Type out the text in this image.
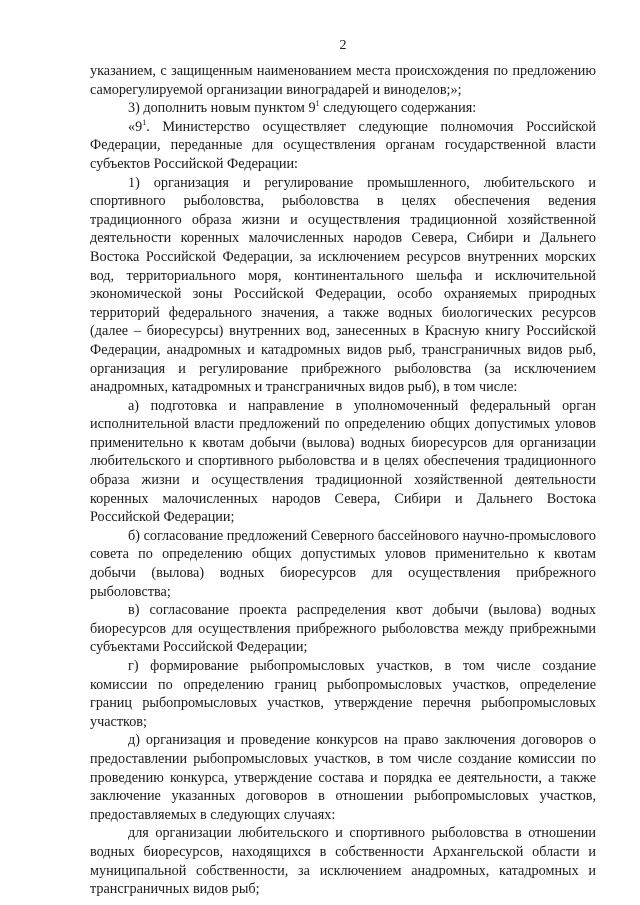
2

указанием, с защищенным наименованием места происхождения по предложению саморегулируемой организации виноградарей и виноделов;»;

3) дополнить новым пунктом $9^1$ следующего содержания:

«$9^1$. Министерство осуществляет следующие полномочия Российской Федерации, переданные для осуществления органам государственной власти субъектов Российской Федерации:

1) организация и регулирование промышленного, любительского и спортивного рыболовства, рыболовства в целях обеспечения ведения традиционного образа жизни и осуществления традиционной хозяйственной деятельности коренных малочисленных народов Севера, Сибири и Дальнего Востока Российской Федерации, за исключением ресурсов внутренних морских вод, территориального моря, континентального шельфа и исключительной экономической зоны Российской Федерации, особо охраняемых природных территорий федерального значения, а также водных биологических ресурсов (далее – биоресурсы) внутренних вод, занесенных в Красную книгу Российской Федерации, анадромных и катадромных видов рыб, трансграничных видов рыб, организация и регулирование прибрежного рыболовства (за исключением анадромных, катадромных и трансграничных видов рыб), в том числе:

а) подготовка и направление в уполномоченный федеральный орган исполнительной власти предложений по определению общих допустимых уловов применительно к квотам добычи (вылова) водных биоресурсов для организации любительского и спортивного рыболовства и в целях обеспечения традиционного образа жизни и осуществления традиционной хозяйственной деятельности коренных малочисленных народов Севера, Сибири и Дальнего Востока Российской Федерации;

б) согласование предложений Северного бассейнового научно-промыслового совета по определению общих допустимых уловов применительно к квотам добычи (вылова) водных биоресурсов для осуществления прибрежного рыболовства;

в) согласование проекта распределения квот добычи (вылова) водных биоресурсов для осуществления прибрежного рыболовства между прибрежными субъектами Российской Федерации;

г) формирование рыбопромысловых участков, в том числе создание комиссии по определению границ рыбопромысловых участков, определение границ рыбопромысловых участков, утверждение перечня рыбопромысловых участков;

д) организация и проведение конкурсов на право заключения договоров о предоставлении рыбопромысловых участков, в том числе создание комиссии по проведению конкурса, утверждение состава и порядка ее деятельности, а также заключение указанных договоров в отношении рыбопромысловых участков, предоставляемых в следующих случаях:

для организации любительского и спортивного рыболовства в отношении водных биоресурсов, находящихся в собственности Архангельской области и муниципальной собственности, за исключением анадромных, катадромных и трансграничных видов рыб;
